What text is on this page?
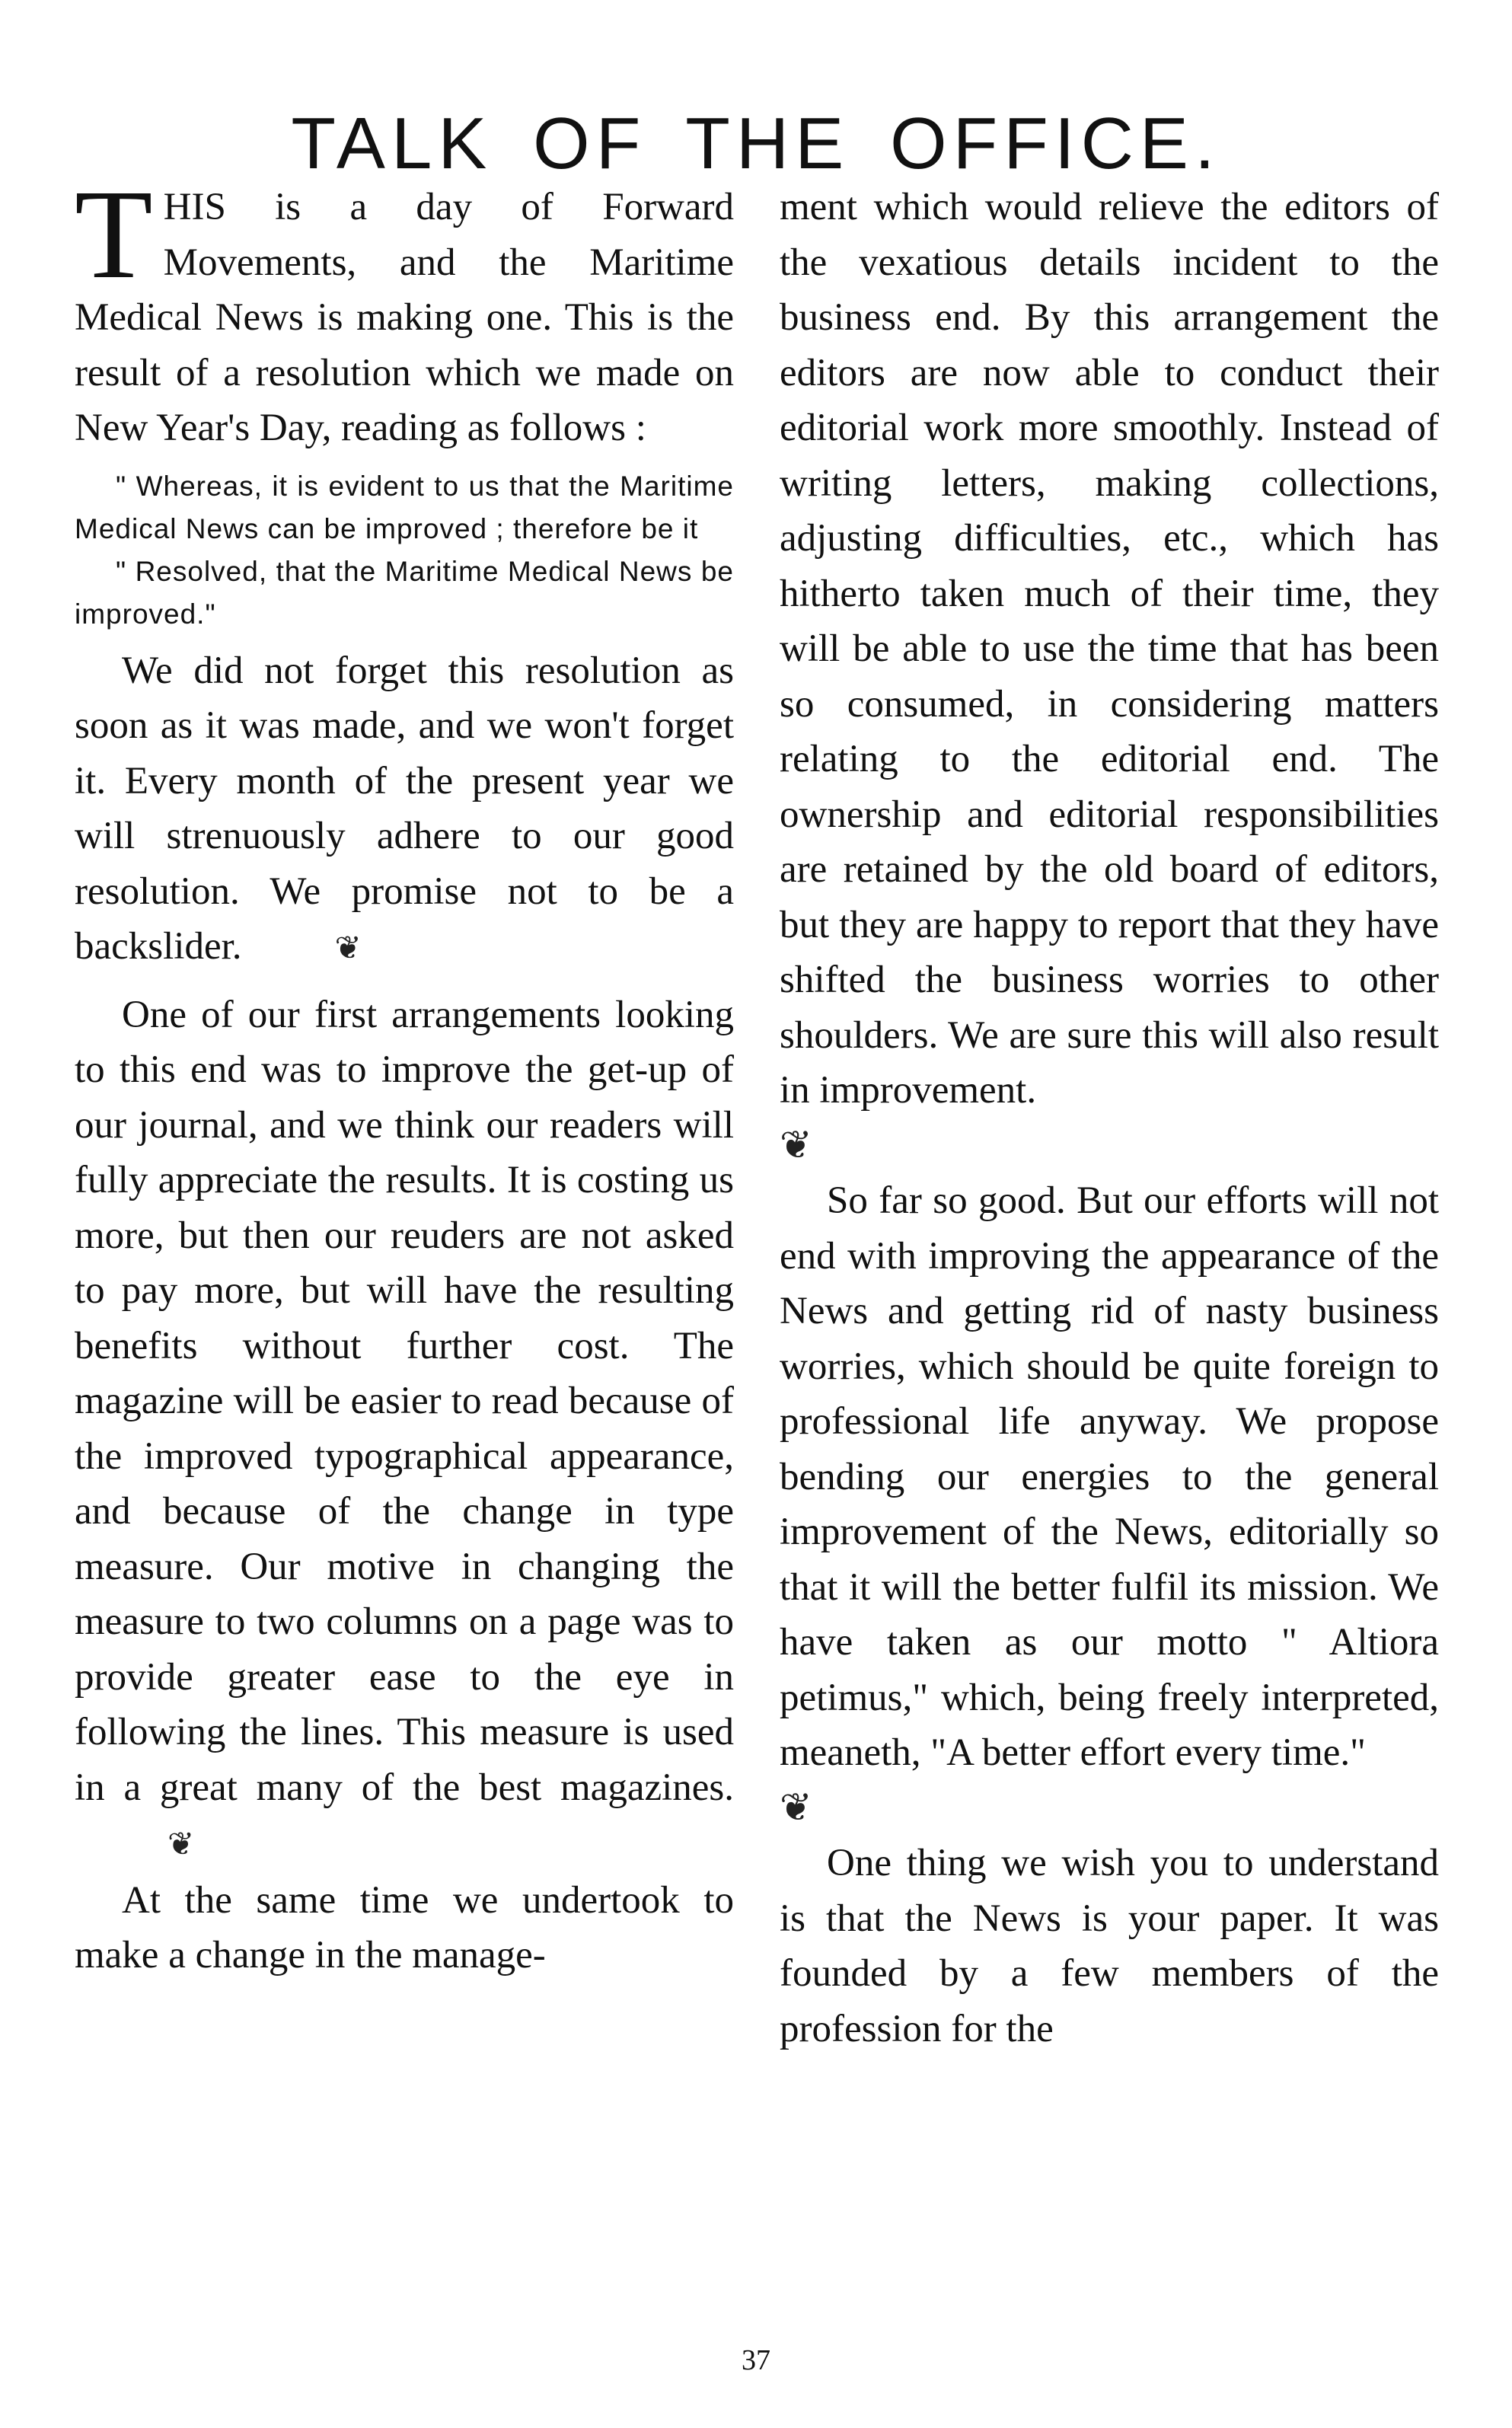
TALK OF THE OFFICE.

THIS is a day of Forward Movements, and the Maritime Medical News is making one. This is the result of a resolution which we made on New Year's Day, reading as follows :

" Whereas, it is evident to us that the Maritime Medical News can be improved ; therefore be it

" Resolved, that the Maritime Medical News be improved."

We did not forget this resolution as soon as it was made, and we won't forget it. Every month of the present year we will strenuously adhere to our good resolution. We promise not to be a backslider.	❦

One of our first arrangements looking to this end was to improve the get-up of our journal, and we think our readers will fully appreciate the results. It is costing us more, but then our reuders are not asked to pay more, but will have the resulting benefits without further cost. The magazine will be easier to read because of the improved typographical appearance, and because of the change in type measure. Our motive in changing the measure to two columns on a page was to provide greater ease to the eye in following the lines. This measure is used in a great many of the best magazines.❦

At the same time we undertook to make a change in the manage-

ment which would relieve the editors of the vexatious details incident to the business end. By this arrangement the editors are now able to conduct their editorial work more smoothly. Instead of writing letters, making collections, adjusting difficulties, etc., which has hitherto taken much of their time, they will be able to use the time that has been so consumed, in considering matters relating to the editorial end. The ownership and editorial responsibilities are retained by the old board of editors, but they are happy to report that they have shifted the business worries to other shoulders. We are sure this will also result in improvement.

❦

So far so good. But our efforts will not end with improving the appearance of the News and getting rid of nasty business worries, which should be quite foreign to professional life anyway. We propose bending our energies to the general improvement of the News, editorially so that it will the better fulfil its mission. We have taken as our motto " Altiora petimus," which, being freely interpreted, meaneth, "A better effort every time."

❦

One thing we wish you to understand is that the News is your paper. It was founded by a few members of the profession for the

37
